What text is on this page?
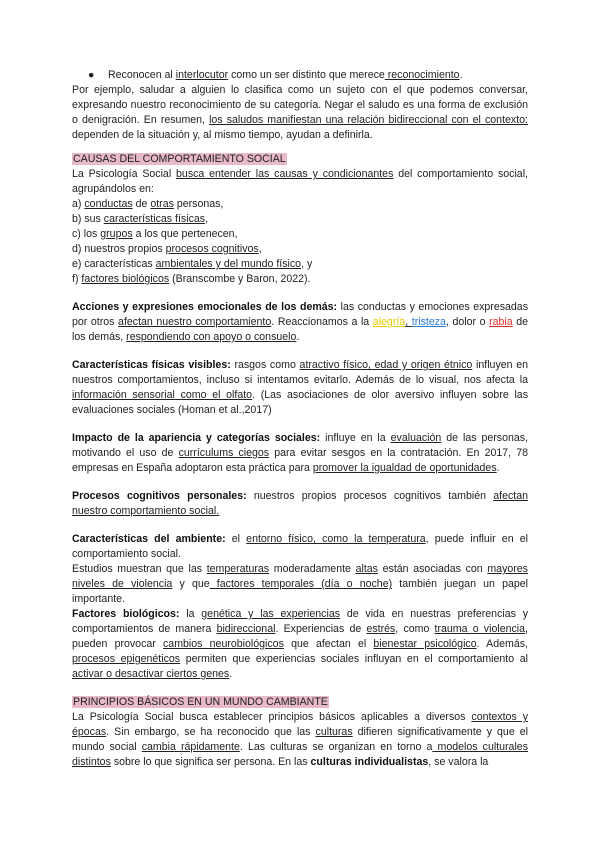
● Reconocen al interlocutor como un ser distinto que merece reconocimiento.

Por ejemplo, saludar a alguien lo clasifica como un sujeto con el que podemos conversar, expresando nuestro reconocimiento de su categoría. Negar el saludo es una forma de exclusión o denigración. En resumen, los saludos manifiestan una relación bidireccional con el contexto: dependen de la situación y, al mismo tiempo, ayudan a definirla.

CAUSAS DEL COMPORTAMIENTO SOCIAL

La Psicología Social busca entender las causas y condicionantes del comportamiento social, agrupándolos en:

a) conductas de otras personas,

b) sus características físicas,

c) los grupos a los que pertenecen,

d) nuestros propios procesos cognitivos,

e) características ambientales y del mundo físico, y

f) factores biológicos (Branscombe y Baron, 2022).

Acciones y expresiones emocionales de los demás: las conductas y emociones expresadas por otros afectan nuestro comportamiento. Reaccionamos a la alegría, tristeza, dolor o rabia de los demás, respondiendo con apoyo o consuelo.

Características físicas visibles: rasgos como atractivo físico, edad y origen étnico influyen en nuestros comportamientos, incluso si intentamos evitarlo. Además de lo visual, nos afecta la información sensorial como el olfato. (Las asociaciones de olor aversivo influyen sobre las evaluaciones sociales (Homan et al.,2017)

Impacto de la apariencia y categorías sociales: influye en la evaluación de las personas, motivando el uso de currículums ciegos para evitar sesgos en la contratación. En 2017, 78 empresas en España adoptaron esta práctica para promover la igualdad de oportunidades.

Procesos cognitivos personales: nuestros propios procesos cognitivos también afectan nuestro comportamiento social.

Características del ambiente: el entorno físico, como la temperatura, puede influir en el comportamiento social.

Estudios muestran que las temperaturas moderadamente altas están asociadas con mayores niveles de violencia y que factores temporales (día o noche) también juegan un papel importante.

Factores biológicos: la genética y las experiencias de vida en nuestras preferencias y comportamientos de manera bidireccional. Experiencias de estrés, como trauma o violencia, pueden provocar cambios neurobiológicos que afectan el bienestar psicológico. Además, procesos epigenéticos permiten que experiencias sociales influyan en el comportamiento al activar o desactivar ciertos genes.

PRINCIPIOS BÁSICOS EN UN MUNDO CAMBIANTE

La Psicología Social busca establecer principios básicos aplicables a diversos contextos y épocas. Sin embargo, se ha reconocido que las culturas difieren significativamente y que el mundo social cambia rápidamente. Las culturas se organizan en torno a modelos culturales distintos sobre lo que significa ser persona. En las culturas individualistas, se valora la
